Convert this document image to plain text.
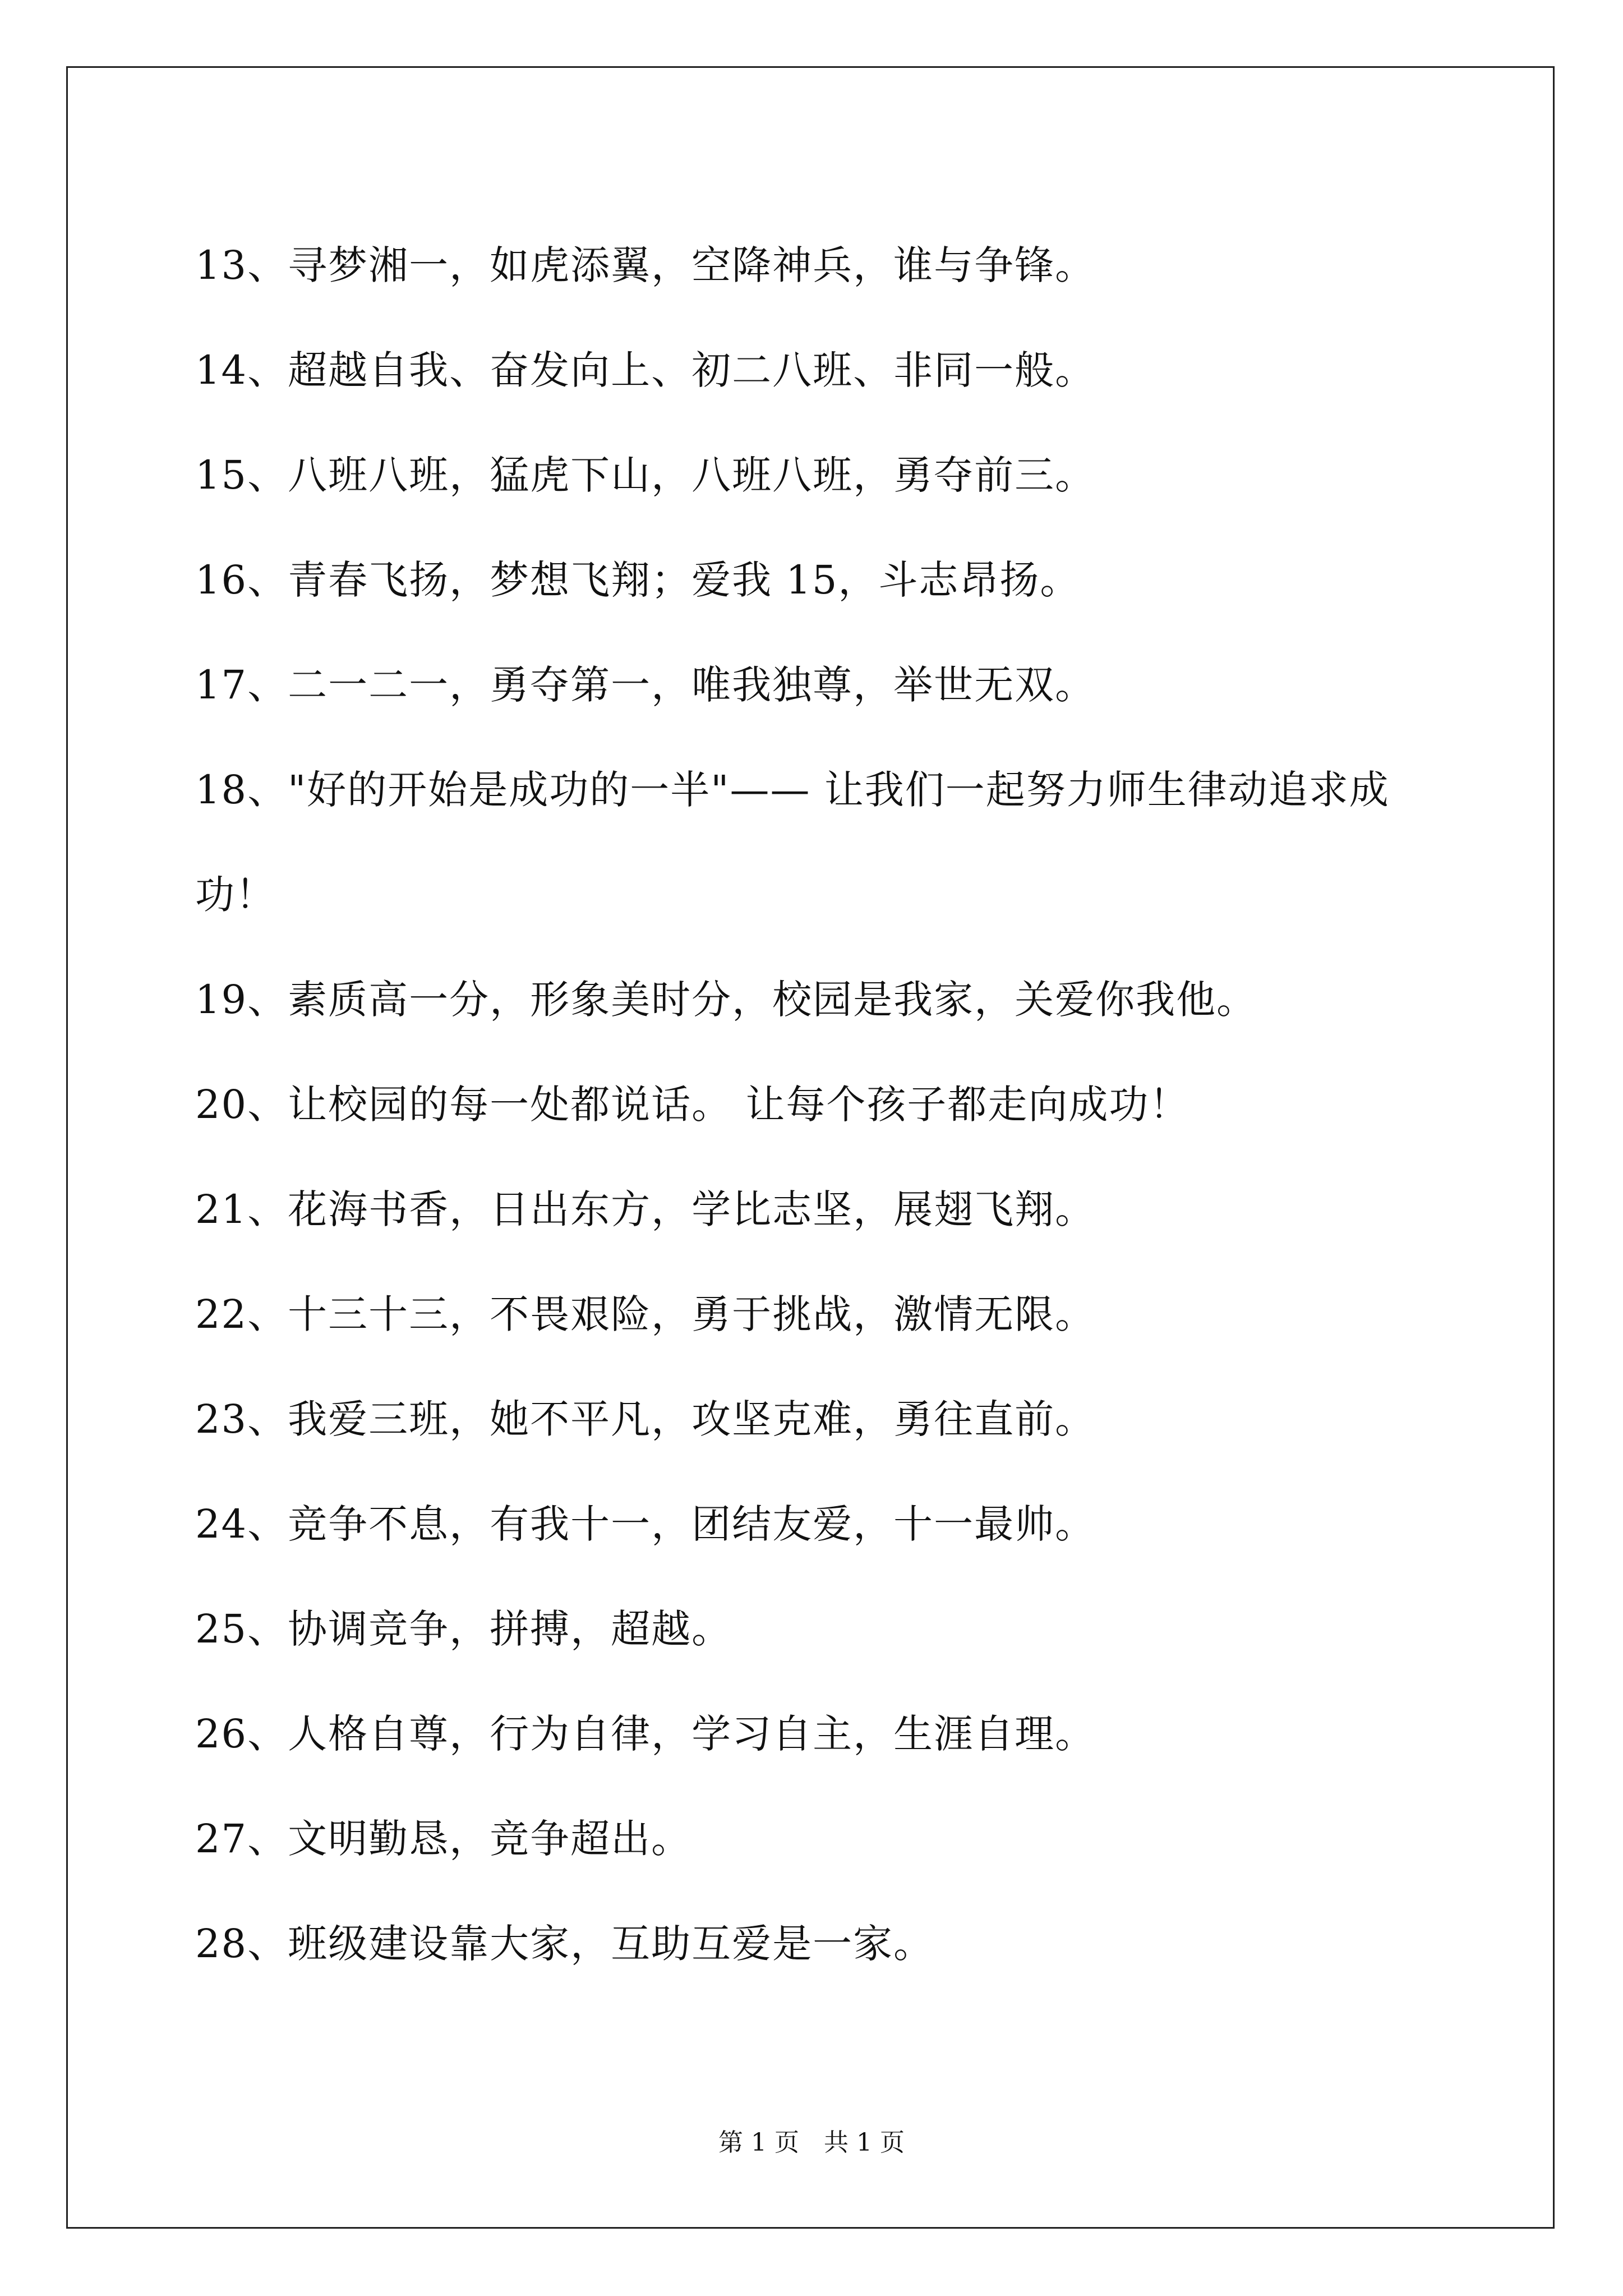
13、寻梦湘一，如虎添翼，空降神兵，谁与争锋。
14、超越自我、奋发向上、初二八班、非同一般。
15、八班八班，猛虎下山，八班八班，勇夺前三。
16、青春飞扬，梦想飞翔；爱我 15，斗志昂扬。
17、二一二一，勇夺第一，唯我独尊，举世无双。
18、"好的开始是成功的一半"—— 让我们一起努力师生律动追求成
功！
19、素质高一分，形象美时分，校园是我家，关爱你我他。
20、让校园的每一处都说话。 让每个孩子都走向成功！
21、花海书香，日出东方，学比志坚，展翅飞翔。
22、十三十三，不畏艰险，勇于挑战，激情无限。
23、我爱三班，她不平凡，攻坚克难，勇往直前。
24、竞争不息，有我十一，团结友爱，十一最帅。
25、协调竞争，拼搏，超越。
26、人格自尊，行为自律，学习自主，生涯自理。
27、文明勤恳，竞争超出。
28、班级建设靠大家，互助互爱是一家。
第 1 页　共 1 页
